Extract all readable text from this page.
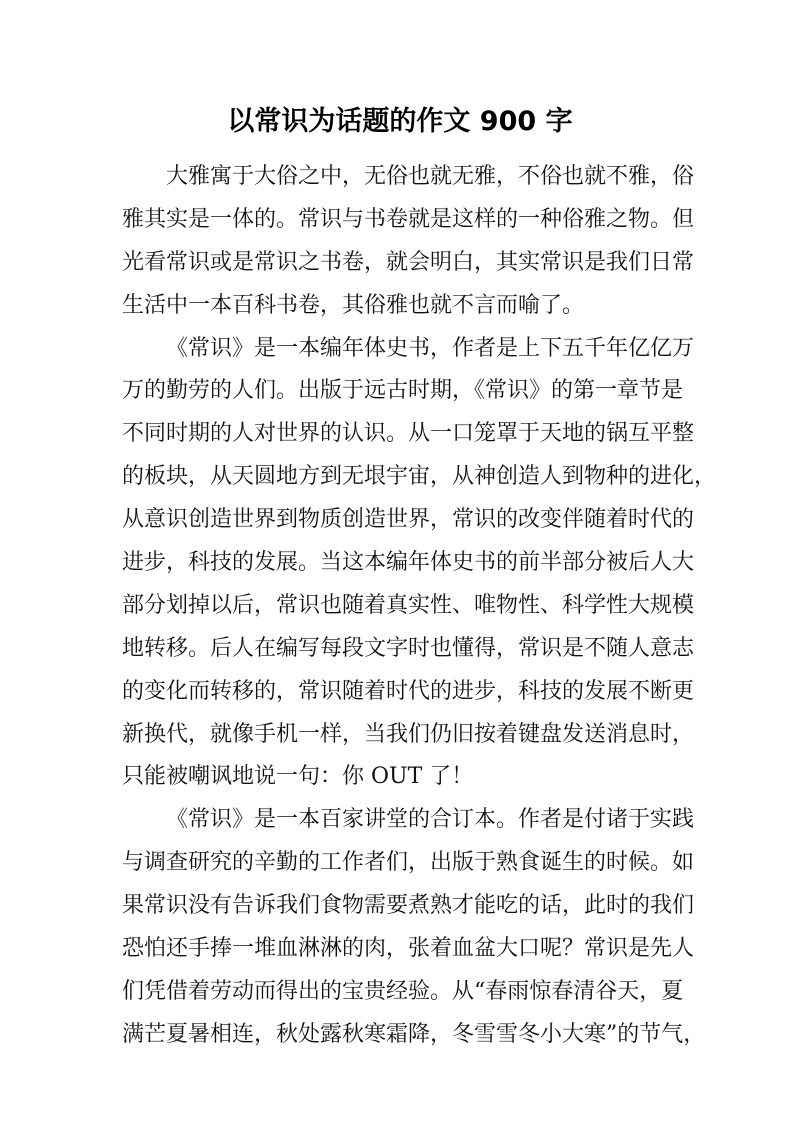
以常识为话题的作文 900 字
大雅寓于大俗之中，无俗也就无雅，不俗也就不雅，俗
雅其实是一体的。常识与书卷就是这样的一种俗雅之物。但
光看常识或是常识之书卷，就会明白，其实常识是我们日常
生活中一本百科书卷，其俗雅也就不言而喻了。
《常识》是一本编年体史书，作者是上下五千年亿亿万
万的勤劳的人们。出版于远古时期，《常识》的第一章节是
不同时期的人对世界的认识。从一口笼罩于天地的锅互平整
的板块，从天圆地方到无垠宇宙，从神创造人到物种的进化，
从意识创造世界到物质创造世界，常识的改变伴随着时代的
进步，科技的发展。当这本编年体史书的前半部分被后人大
部分划掉以后，常识也随着真实性、唯物性、科学性大规模
地转移。后人在编写每段文字时也懂得，常识是不随人意志
的变化而转移的，常识随着时代的进步，科技的发展不断更
新换代，就像手机一样，当我们仍旧按着键盘发送消息时，
只能被嘲讽地说一句：你 OUT 了！
《常识》是一本百家讲堂的合订本。作者是付诸于实践
与调查研究的辛勤的工作者们，出版于熟食诞生的时候。如
果常识没有告诉我们食物需要煮熟才能吃的话，此时的我们
恐怕还手捧一堆血淋淋的肉，张着血盆大口呢？常识是先人
们凭借着劳动而得出的宝贵经验。从“春雨惊春清谷天，夏
满芒夏暑相连，秋处露秋寒霜降，冬雪雪冬小大寒”的节气，
